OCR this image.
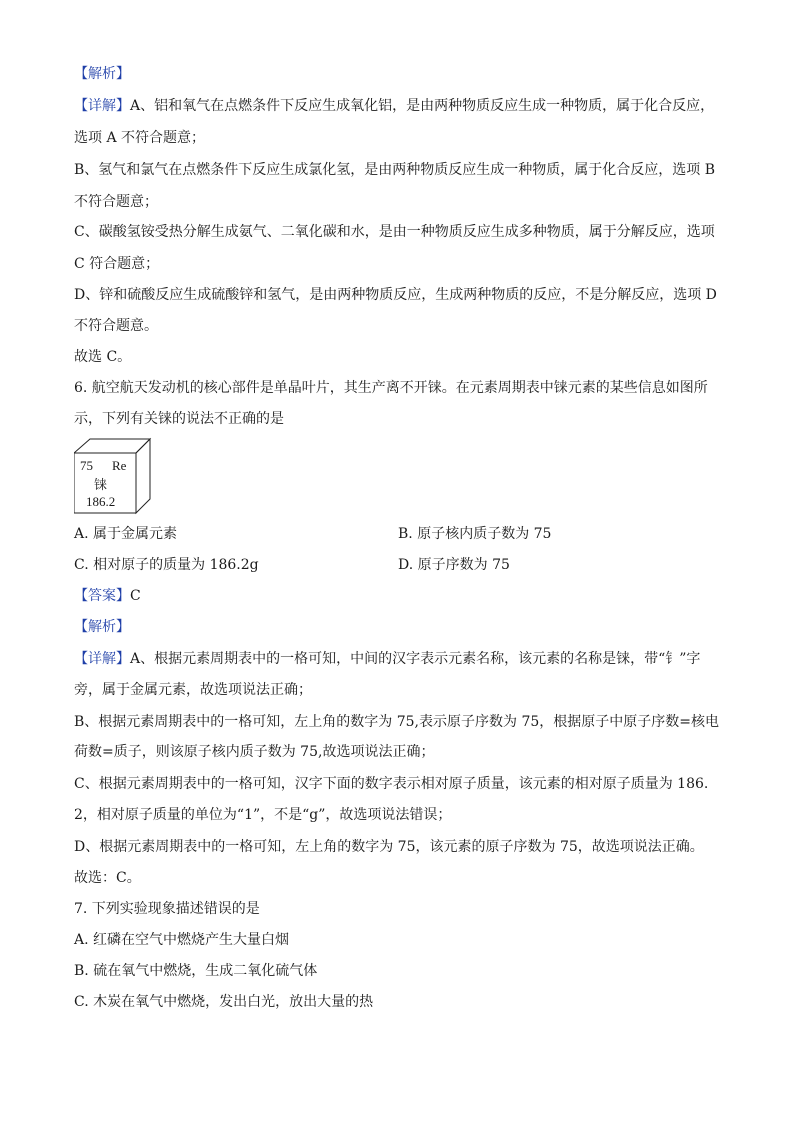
【解析】
【详解】A、铝和氧气在点燃条件下反应生成氧化铝，是由两种物质反应生成一种物质，属于化合反应，
选项 A 不符合题意；
B、氢气和氯气在点燃条件下反应生成氯化氢，是由两种物质反应生成一种物质，属于化合反应，选项 B
不符合题意；
C、碳酸氢铵受热分解生成氨气、二氧化碳和水，是由一种物质反应生成多种物质，属于分解反应，选项
C 符合题意；
D、锌和硫酸反应生成硫酸锌和氢气，是由两种物质反应，生成两种物质的反应，不是分解反应，选项 D
不符合题意。
故选 C。
6. 航空航天发动机的核心部件是单晶叶片，其生产离不开铼。在元素周期表中铼元素的某些信息如图所
示，下列有关铼的说法不正确的是
75 Re
铼
186.2
A. 属于金属元素	B. 原子核内质子数为 75
C. 相对原子的质量为 186.2g	D. 原子序数为 75
【答案】C
【解析】
【详解】A、根据元素周期表中的一格可知，中间的汉字表示元素名称，该元素的名称是铼，带“钅”字
旁，属于金属元素，故选项说法正确；
B、根据元素周期表中的一格可知，左上角的数字为 75,表示原子序数为 75，根据原子中原子序数=核电
荷数=质子，则该原子核内质子数为 75,故选项说法正确；
C、根据元素周期表中的一格可知，汉字下面的数字表示相对原子质量，该元素的相对原子质量为 186.
2，相对原子质量的单位为“1”，不是“g”，故选项说法错误；
D、根据元素周期表中的一格可知，左上角的数字为 75，该元素的原子序数为 75，故选项说法正确。
故选：C。
7. 下列实验现象描述错误的是
A. 红磷在空气中燃烧产生大量白烟
B. 硫在氧气中燃烧，生成二氧化硫气体
C. 木炭在氧气中燃烧，发出白光，放出大量的热
